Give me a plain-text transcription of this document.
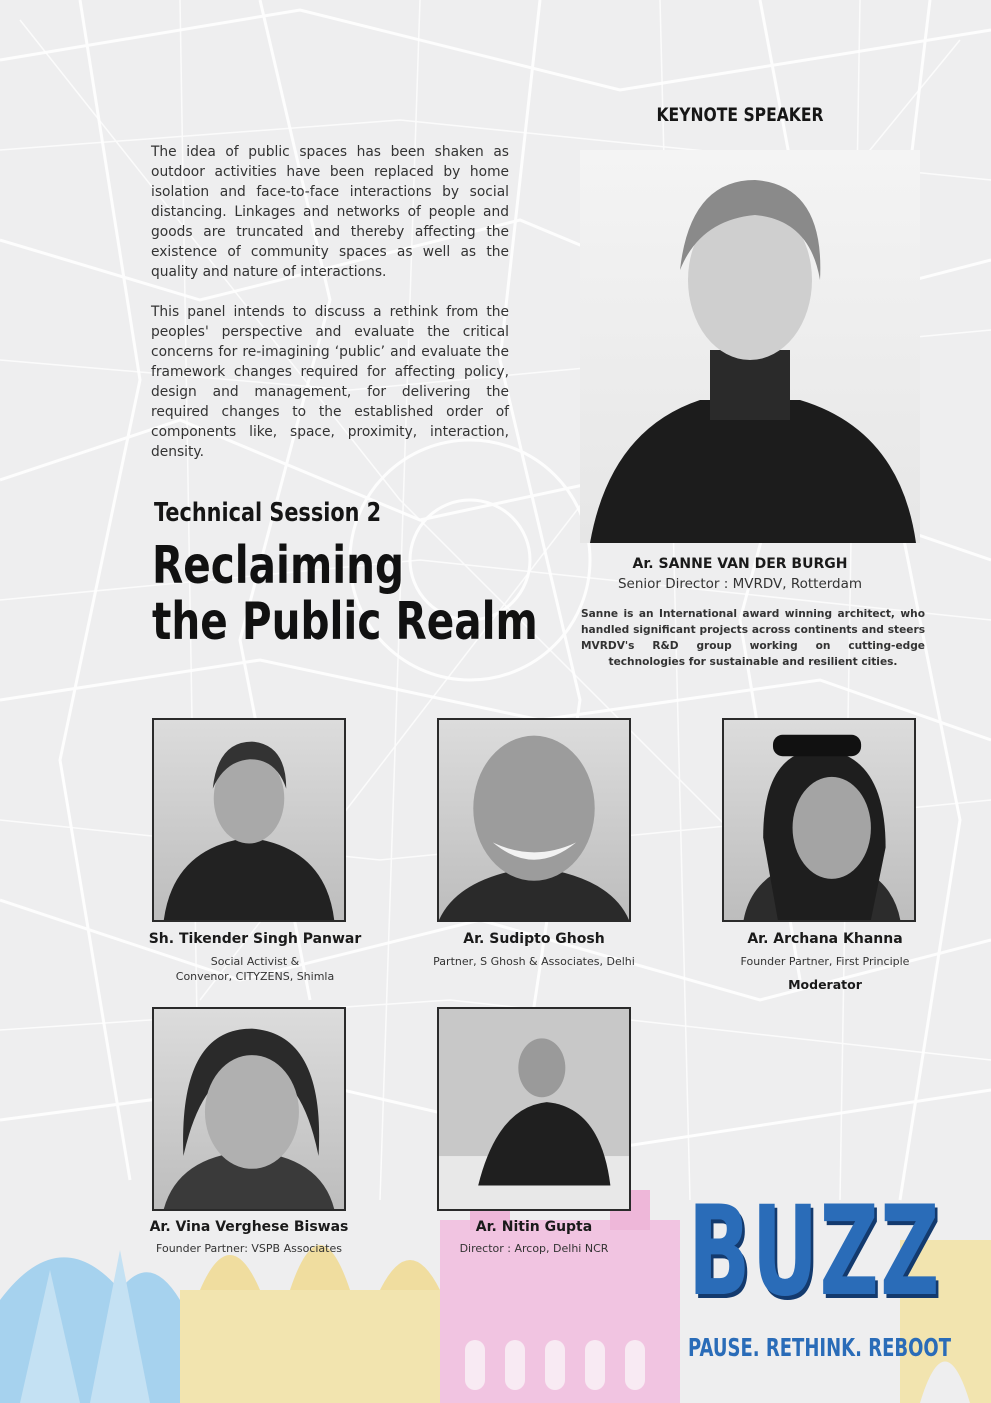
KEYNOTE SPEAKER

The idea of public spaces has been shaken as outdoor activities have been replaced by home isolation and face-to-face interactions by social distancing. Linkages and networks of people and goods are truncated and thereby affecting the existence of community spaces as well as the quality and nature of interactions.

This panel intends to discuss a rethink from the peoples' perspective and evaluate the critical concerns for re-imagining ‘public’ and evaluate the framework changes required for affecting policy, design and management, for delivering the required changes to the established order of components like, space, proximity, interaction, density.

Technical Session 2
Reclaiming
the Public Realm
Ar. SANNE VAN DER BURGH
Senior Director : MVRDV, Rotterdam
Sanne is an International award winning architect, who handled significant projects across continents and steers MVRDV's R&D group working on cutting-edge technologies for sustainable and resilient cities.
Sh. Tikender Singh Panwar
Social Activist &
Convenor, CITYZENS, Shimla
Ar. Sudipto Ghosh
Partner, S Ghosh & Associates, Delhi
Ar. Archana Khanna
Founder Partner, First Principle
Moderator
Ar. Vina Verghese Biswas
Founder Partner: VSPB Associates
Ar. Nitin Gupta
Director : Arcop, Delhi NCR BUZZ
PAUSE. RETHINK. REBOOT
